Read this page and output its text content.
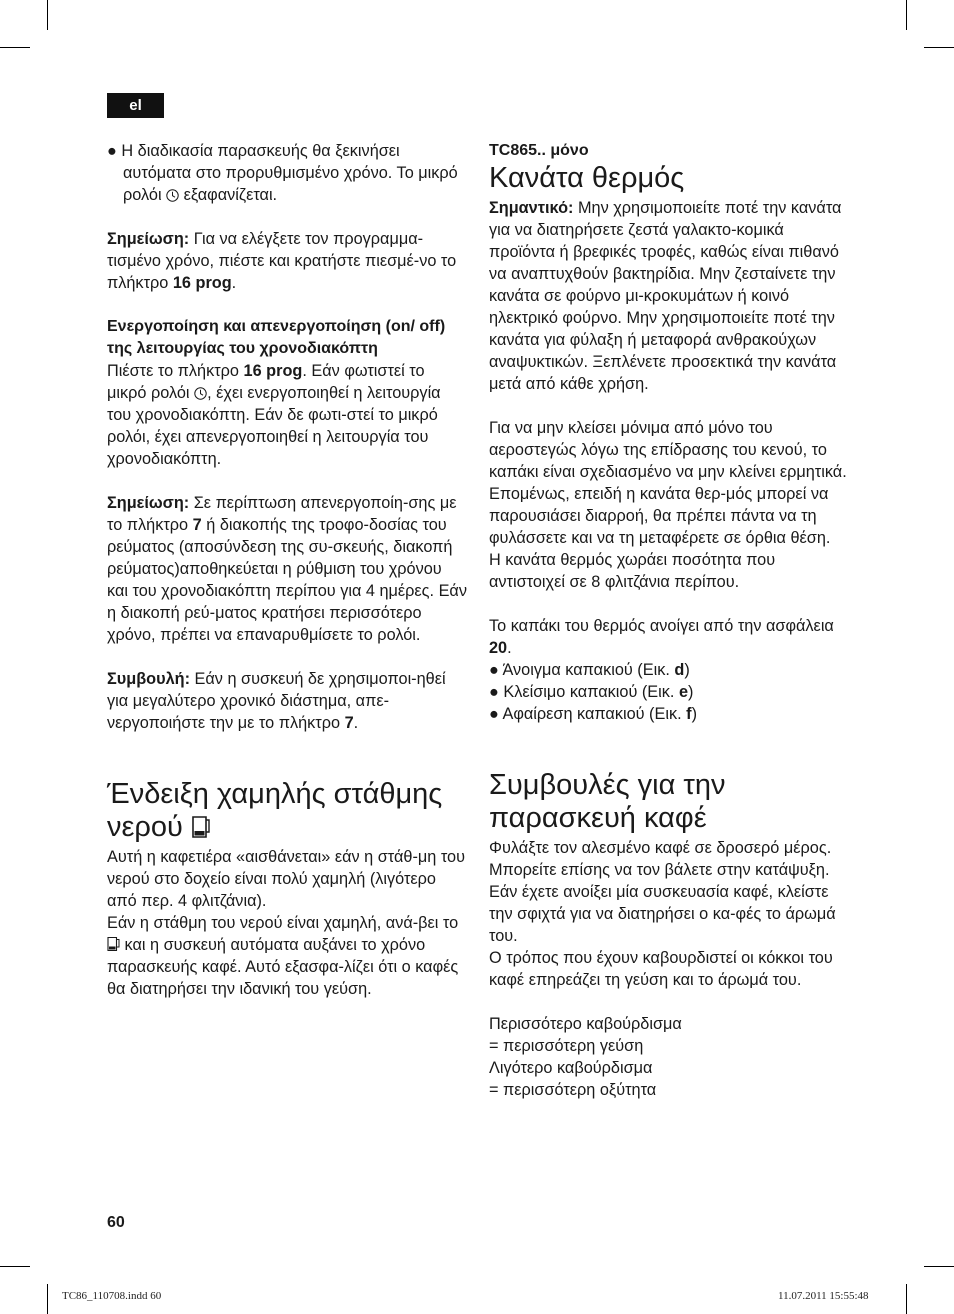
el

● Η διαδικασία παρασκευής θα ξεκινήσει αυτόματα στο προρυθμισμένο χρόνο. Το μικρό ρολόι εξαφανίζεται.

Σημείωση: Για να ελέγξετε τον προγραμμα-τισμένο χρόνο, πιέστε και κρατήστε πιεσμέ-νο το πλήκτρο 16 prog.

Ενεργοποίηση και απενεργοποίηση (on/ off) της λειτουργίας του χρονοδιακόπτη

Πιέστε το πλήκτρο 16 prog. Εάν φωτιστεί το μικρό ρολόι , έχει ενεργοποιηθεί η λειτουργία του χρονοδιακόπτη. Εάν δε φωτι-στεί το μικρό ρολόι, έχει απενεργοποιηθεί η λειτουργία του χρονοδιακόπτη.

Σημείωση: Σε περίπτωση απενεργοποίη-σης με το πλήκτρο 7 ή διακοπής της τροφο-δοσίας του ρεύματος (αποσύνδεση της συ-σκευής, διακοπή ρεύματος)αποθηκεύεται η ρύθμιση του χρόνου και του χρονοδιακόπτη περίπου για 4 ημέρες. Εάν η διακοπή ρεύ-ματος κρατήσει περισσότερο χρόνο, πρέπει να επαναρυθμίσετε το ρολόι.

Συμβουλή: Εάν η συσκευή δε χρησιμοποι-ηθεί για μεγαλύτερο χρονικό διάστημα, απε-νεργοποιήστε την με το πλήκτρο 7.

Ένδειξη χαμηλής στάθμης νερού

Αυτή η καφετιέρα «αισθάνεται» εάν η στάθ-μη του νερού στο δοχείο είναι πολύ χαμηλή (λιγότερο από περ. 4 φλιτζάνια).

Εάν η στάθμη του νερού είναι χαμηλή, ανά-βει το  και η συσκευή αυτόματα αυξάνει το χρόνο παρασκευής καφέ. Αυτό εξασφα-λίζει ότι ο καφές θα διατηρήσει την ιδανική του γεύση.

TC865.. μόνο

Κανάτα θερμός

Σημαντικό: Μην χρησιμοποιείτε ποτέ την κανάτα για να διατηρήσετε ζεστά γαλακτο-κομικά προϊόντα ή βρεφικές τροφές, καθώς είναι πιθανό να αναπτυχθούν βακτηρίδια. Μην ζεσταίνετε την κανάτα σε φούρνο μι-κροκυμάτων ή κοινό ηλεκτρικό φούρνο. Μην χρησιμοποιείτε ποτέ την κανάτα για φύλαξη ή μεταφορά ανθρακούχων αναψυκτικών. Ξεπλένετε προσεκτικά την κανάτα μετά από κάθε χρήση.

Για να μην κλείσει μόνιμα από μόνο του αεροστεγώς λόγω της επίδρασης του κενού, το καπάκι είναι σχεδιασμένο να μην κλείνει ερμητικά. Επομένως, επειδή η κανάτα θερ-μός μπορεί να παρουσιάσει διαρροή, θα πρέπει πάντα να τη φυλάσσετε και να τη μεταφέρετε σε όρθια θέση.

Η κανάτα θερμός χωράει ποσότητα που αντιστοιχεί σε 8 φλιτζάνια περίπου.

Το καπάκι του θερμός ανοίγει από την ασφάλεια 20.

● Άνοιγμα καπακιού (Εικ. d)

● Κλείσιμο καπακιού (Εικ. e)

● Αφαίρεση καπακιού (Εικ. f)

Συμβουλές για την παρασκευή καφέ

Φυλάξτε τον αλεσμένο καφέ σε δροσερό μέρος. Μπορείτε επίσης να τον βάλετε στην κατάψυξη.

Εάν έχετε ανοίξει μία συσκευασία καφέ, κλείστε την σφιχτά για να διατηρήσει ο κα-φές το άρωμά του.

Ο τρόπος που έχουν καβουρδιστεί οι κόκκοι του καφέ επηρεάζει τη γεύση και το άρωμά του.

Περισσότερο καβούρδισμα

= περισσότερη γεύση

Λιγότερο καβούρδισμα

= περισσότερη οξύτητα

60
TC86_110708.indd 60	11.07.2011 15:55:48
